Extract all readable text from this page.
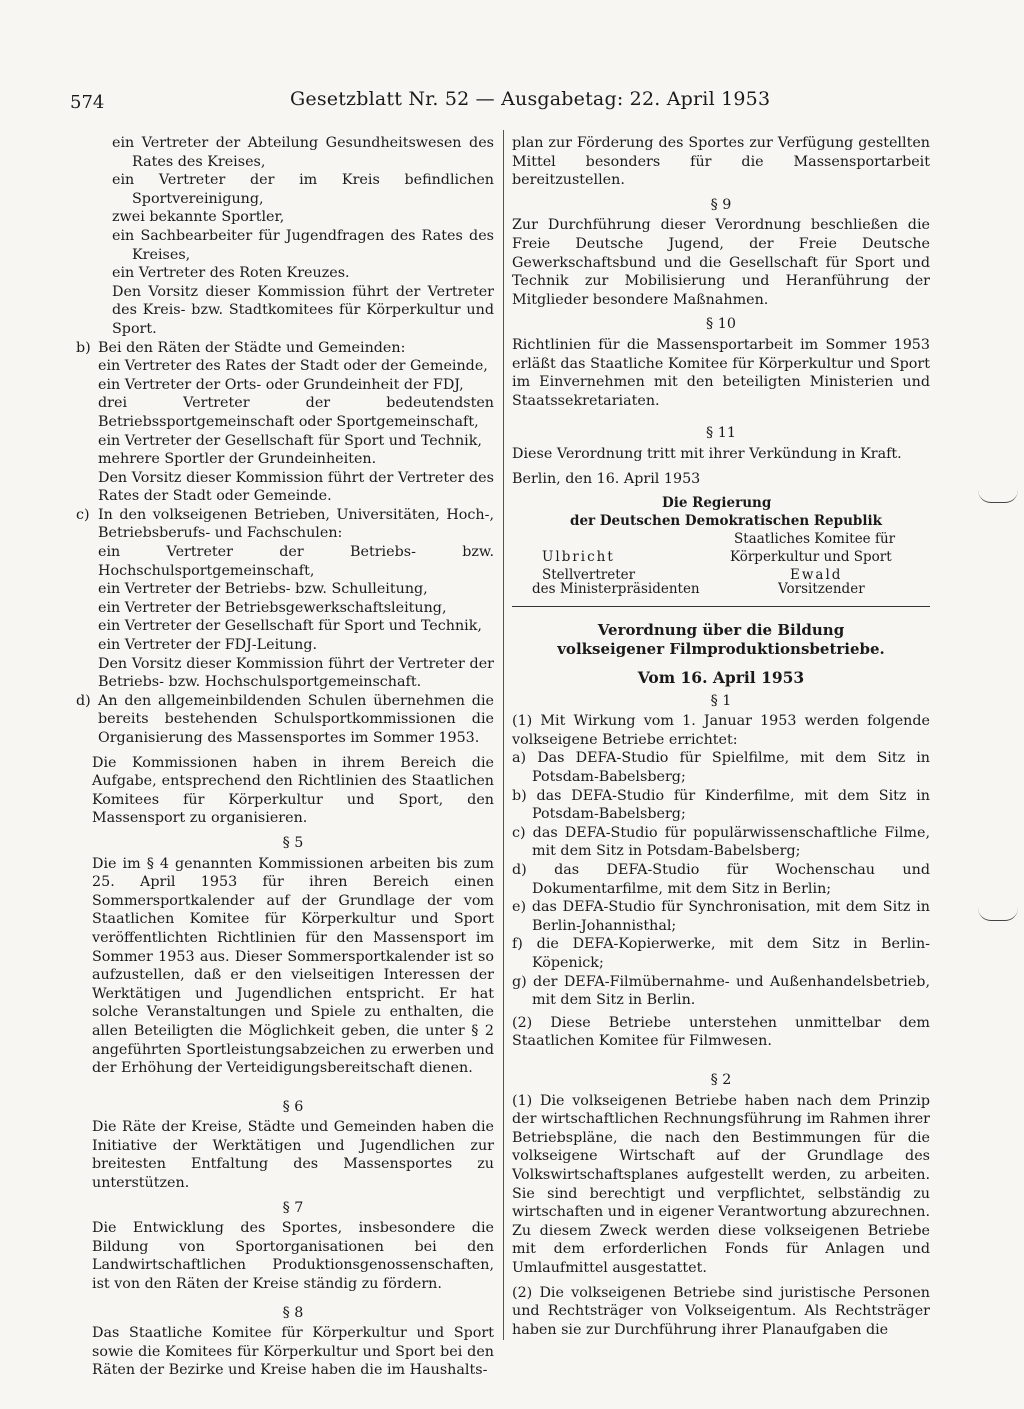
574	Gesetzblatt Nr. 52 — Ausgabetag: 22. April 1953

ein Vertreter der Abteilung Gesundheitswesen des Rates des Kreises,

ein Vertreter der im Kreis befindlichen Sportvereinigung,

zwei bekannte Sportler,

ein Sachbearbeiter für Jugendfragen des Rates des Kreises,

ein Vertreter des Roten Kreuzes.

Den Vorsitz dieser Kommission führt der Vertreter des Kreis- bzw. Stadtkomitees für Körperkultur und Sport.

b) Bei den Räten der Städte und Gemeinden:

ein Vertreter des Rates der Stadt oder der Gemeinde,

ein Vertreter der Orts- oder Grundeinheit der FDJ,

drei Vertreter der bedeutendsten Betriebssportgemeinschaft oder Sportgemeinschaft,

ein Vertreter der Gesellschaft für Sport und Technik,

mehrere Sportler der Grundeinheiten.

Den Vorsitz dieser Kommission führt der Vertreter des Rates der Stadt oder Gemeinde.

c) In den volkseigenen Betrieben, Universitäten, Hoch-, Betriebsberufs- und Fachschulen:

ein Vertreter der Betriebs- bzw. Hochschulsportgemeinschaft,

ein Vertreter der Betriebs- bzw. Schulleitung,

ein Vertreter der Betriebsgewerkschaftsleitung,

ein Vertreter der Gesellschaft für Sport und Technik,

ein Vertreter der FDJ-Leitung.

Den Vorsitz dieser Kommission führt der Vertreter der Betriebs- bzw. Hochschulsportgemeinschaft.

d) An den allgemeinbildenden Schulen übernehmen die bereits bestehenden Schulsportkommissionen die Organisierung des Massensportes im Sommer 1953.

Die Kommissionen haben in ihrem Bereich die Aufgabe, entsprechend den Richtlinien des Staatlichen Komitees für Körperkultur und Sport, den Massensport zu organisieren.

§ 5

Die im § 4 genannten Kommissionen arbeiten bis zum 25. April 1953 für ihren Bereich einen Sommersportkalender auf der Grundlage der vom Staatlichen Komitee für Körperkultur und Sport veröffentlichten Richtlinien für den Massensport im Sommer 1953 aus. Dieser Sommersportkalender ist so aufzustellen, daß er den vielseitigen Interessen der Werktätigen und Jugendlichen entspricht. Er hat solche Veranstaltungen und Spiele zu enthalten, die allen Beteiligten die Möglichkeit geben, die unter § 2 angeführten Sportleistungsabzeichen zu erwerben und der Erhöhung der Verteidigungsbereitschaft dienen.

§ 6

Die Räte der Kreise, Städte und Gemeinden haben die Initiative der Werktätigen und Jugendlichen zur breitesten Entfaltung des Massensportes zu unterstützen.

§ 7

Die Entwicklung des Sportes, insbesondere die Bildung von Sportorganisationen bei den Landwirtschaftlichen Produktionsgenossenschaften, ist von den Räten der Kreise ständig zu fördern.

§ 8

Das Staatliche Komitee für Körperkultur und Sport sowie die Komitees für Körperkultur und Sport bei den Räten der Bezirke und Kreise haben die im Haushalts-

plan zur Förderung des Sportes zur Verfügung gestellten Mittel besonders für die Massensportarbeit bereitzustellen.

§ 9

Zur Durchführung dieser Verordnung beschließen die Freie Deutsche Jugend, der Freie Deutsche Gewerkschaftsbund und die Gesellschaft für Sport und Technik zur Mobilisierung und Heranführung der Mitglieder besondere Maßnahmen.

§ 10

Richtlinien für die Massensportarbeit im Sommer 1953 erläßt das Staatliche Komitee für Körperkultur und Sport im Einvernehmen mit den beteiligten Ministerien und Staatssekretariaten.

§ 11

Diese Verordnung tritt mit ihrer Verkündung in Kraft.

Berlin, den 16. April 1953

Die Regierung
der Deutschen Demokratischen Republik
Staatliches Komitee für
Ulbricht	Körperkultur und Sport
Stellvertreter	Ewald
des Ministerpräsidenten	Vorsitzender

Verordnung über die Bildung volkseigener Filmproduktionsbetriebe.

Vom 16. April 1953

§ 1

(1) Mit Wirkung vom 1. Januar 1953 werden folgende volkseigene Betriebe errichtet:

a) Das DEFA-Studio für Spielfilme, mit dem Sitz in Potsdam-Babelsberg;

b) das DEFA-Studio für Kinderfilme, mit dem Sitz in Potsdam-Babelsberg;

c) das DEFA-Studio für populärwissenschaftliche Filme, mit dem Sitz in Potsdam-Babelsberg;

d) das DEFA-Studio für Wochenschau und Dokumentarfilme, mit dem Sitz in Berlin;

e) das DEFA-Studio für Synchronisation, mit dem Sitz in Berlin-Johannisthal;

f) die DEFA-Kopierwerke, mit dem Sitz in Berlin-Köpenick;

g) der DEFA-Filmübernahme- und Außenhandelsbetrieb, mit dem Sitz in Berlin.

(2) Diese Betriebe unterstehen unmittelbar dem Staatlichen Komitee für Filmwesen.

§ 2

(1) Die volkseigenen Betriebe haben nach dem Prinzip der wirtschaftlichen Rechnungsführung im Rahmen ihrer Betriebspläne, die nach den Bestimmungen für die volkseigene Wirtschaft auf der Grundlage des Volkswirtschaftsplanes aufgestellt werden, zu arbeiten. Sie sind berechtigt und verpflichtet, selbständig zu wirtschaften und in eigener Verantwortung abzurechnen. Zu diesem Zweck werden diese volkseigenen Betriebe mit dem erforderlichen Fonds für Anlagen und Umlaufmittel ausgestattet.

(2) Die volkseigenen Betriebe sind juristische Personen und Rechtsträger von Volkseigentum. Als Rechtsträger haben sie zur Durchführung ihrer Planaufgaben die
